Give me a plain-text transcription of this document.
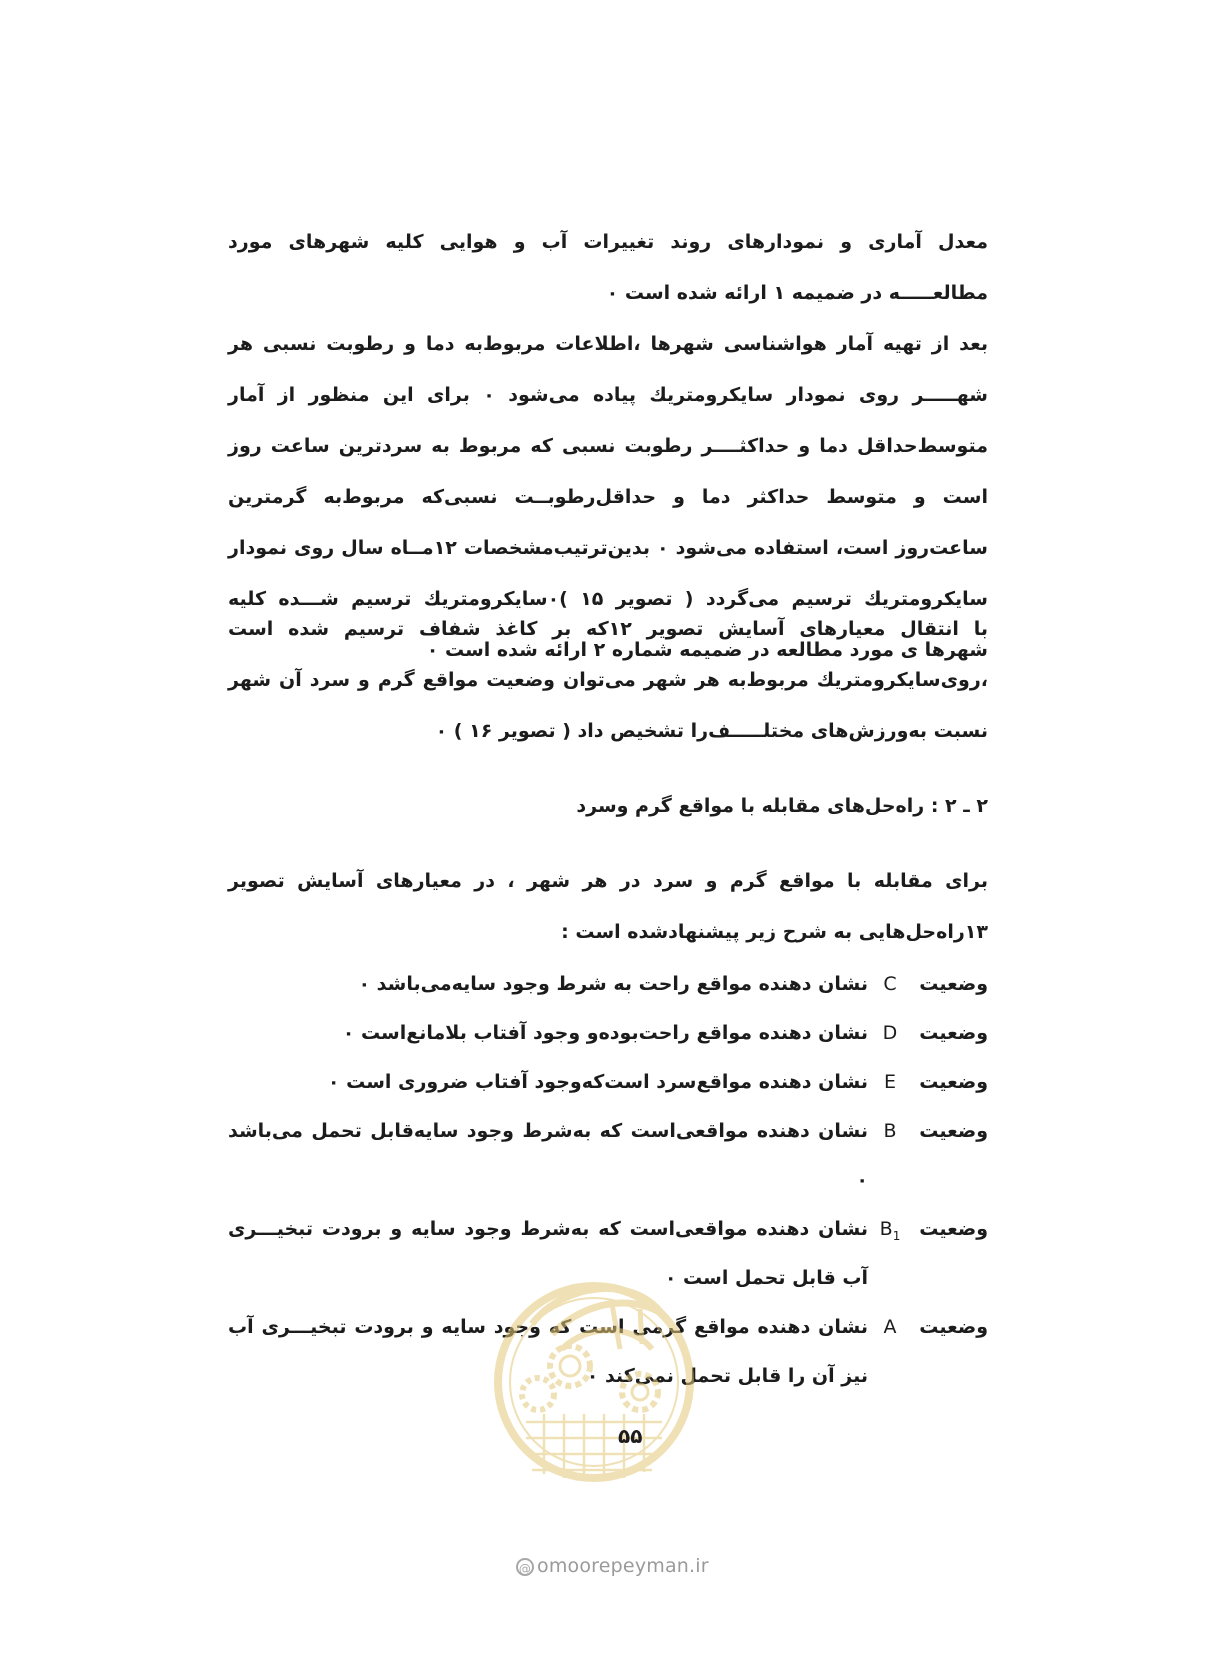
معدل آماری و نمودارهای روند تغییرات آب و هوایی کلیه شهرهای مورد مطالعـــــه در ضمیمه ۱ ارائه شده است ۰

بعد از تهیه آمار هواشناسی شهرها ،اطلاعات مربوط‌به دما و رطوبت نسبی هر شهـــــر روی نمودار سایکرومتریك پیاده می‌شود ۰ برای این منظور از آمار متوسط‌حداقل دما و حداکثــــر رطوبت نسبی که مربوط به سردترین ساعت روز است و متوسط حداکثر دما و حداقل‌رطوبــت نسبی‌که مربوط‌به گرمترین ساعت‌روز است، استفاده می‌شود ۰ بدین‌ترتیب‌مشخصات ۱۲مــاه سال روی نمودار سایکرومتریك ترسیم می‌گردد ( تصویر ۱۵ )۰سایکرومتریك ترسیم شـــده کلیه شهرها ی مورد مطالعه در ضمیمه شماره ۲ ارائه شده است ۰

با انتقال معیارهای آسایش تصویر ۱۲که بر کاغذ شفاف ترسیم شده است ،روی‌سایکرومتریك مربوط‌به هر شهر می‌توان وضعیت مواقع گرم و سرد آن شهر نسبت به‌ورزش‌های مختلـــــف‌را تشخیص داد ( تصویر ۱۶ ) ۰

۲ ـ ۲ : راه‌حل‌های مقابله با مواقع گرم وسرد

برای مقابله با مواقع گرم و سرد در هر شهر ، در معیارهای آسایش تصویر ۱۳راه‌حل‌هایی به شرح زیر پیشنهادشده است :

وضعیت
C
نشان دهنده مواقع راحت به شرط وجود سایه‌می‌باشد ۰
وضعیت
D
نشان دهنده مواقع راحت‌بوده‌و وجود آفتاب بلامانع‌است ۰
وضعیت
E
نشان دهنده مواقع‌سرد است‌که‌وجود آفتاب ضروری است ۰
وضعیت
B
نشان دهنده مواقعی‌است که به‌شرط وجود سایه‌قابل تحمل می‌باشد ۰
وضعیت
$B_1$
نشان دهنده مواقعی‌است که به‌شرط وجود سایه و برودت تبخیـــری آب قابل تحمل است ۰
وضعیت
A
نشان دهنده مواقع گرمی است که وجود سایه و برودت تبخیـــری آب نیز آن را قابل تحمل نمی‌کند ۰
۵۵
@ omoorepeyman.ir
